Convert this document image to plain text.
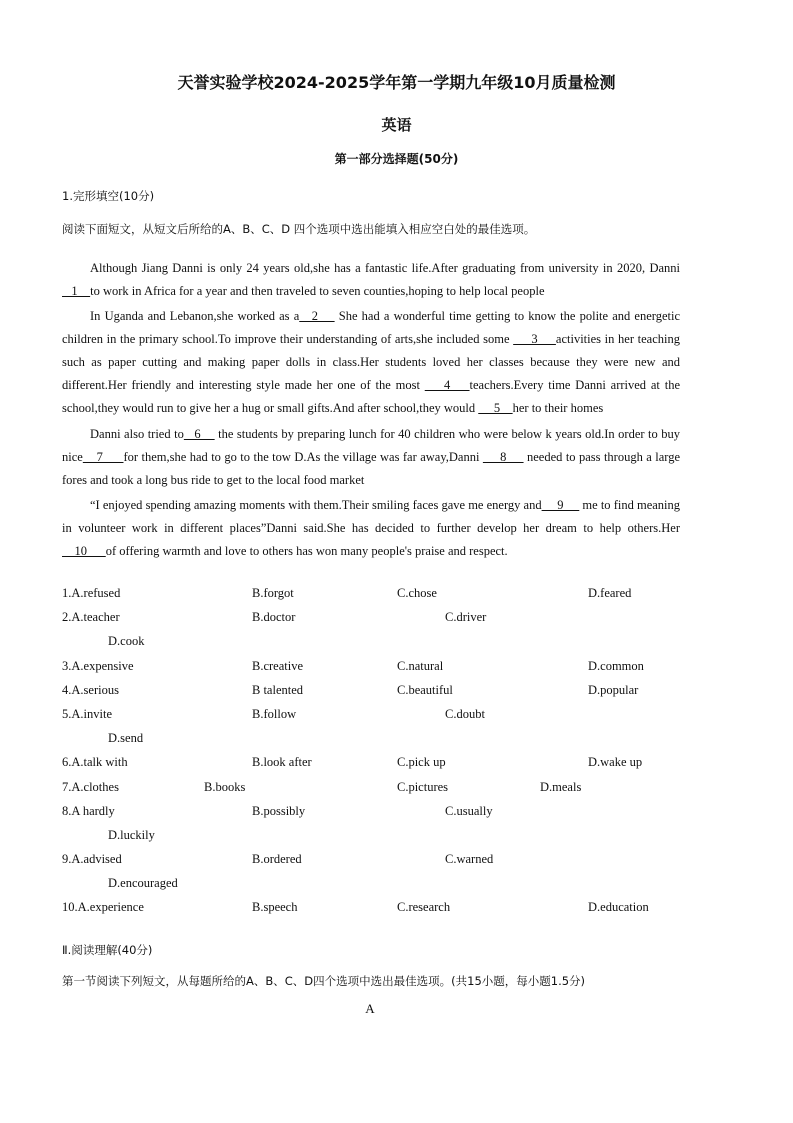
天誉实验学校2024-2025学年第一学期九年级10月质量检测
英语
第一部分选择题(50分)
1.完形填空(10分)
阅读下面短文，从短文后所给的A、B、C、D 四个选项中选出能填入相应空白处的最佳选项。

Although Jiang Danni is only 24 years old,she has a fantastic life.After graduating from university in 2020, Danni    1    to work in Africa for a year and then traveled to seven counties,hoping to help local people

In Uganda and Lebanon,she worked as a   2     She had a wonderful time getting to know the polite and energetic children in the primary school.To improve their understanding of arts,she included some      3     activities in her teaching such as paper cutting and making paper dolls in class.Her students loved her classes because they were new and different.Her friendly and interesting style made her one of the most     4    teachers.Every time Danni arrived at the school,they would run to give her a hug or small gifts.And after school,they would      5    her to their homes

Danni also tried to   6     the students by preparing lunch for 40 children who were below k years old.In order to buy nice    7      for them,she had to go to the tow D.As the village was far away,Danni      8      needed to pass through a large fores and took a long bus ride to get to the local food market

“I enjoyed spending amazing moments with them.Their smiling faces gave me energy and     9      me to find meaning in volunteer work in different places”Danni said.She has decided to further develop her dream to help others.Her    10      of offering warmth and love to others has won many people's praise and respect.

1.A.refused	B.forgot	C.chose	D.feared
2.A.teacher	B.doctor	C.driver
D.cook
3.A.expensive	B.creative	C.natural	D.common
4.A.serious	B talented	C.beautiful	D.popular
5.A.invite	B.follow	C.doubt
D.send
6.A.talk with	B.look after	C.pick up	D.wake up
7.A.clothes	B.books	C.pictures	D.meals
8.A hardly	B.possibly	C.usually
D.luckily
9.A.advised	B.ordered	C.warned
D.encouraged
10.A.experience	B.speech	C.research	D.education
Ⅱ.阅读理解(40分)
第一节阅读下列短文，从每题所给的A、B、C、D四个选项中选出最佳选项。(共15小题，每小题1.5分)
A
